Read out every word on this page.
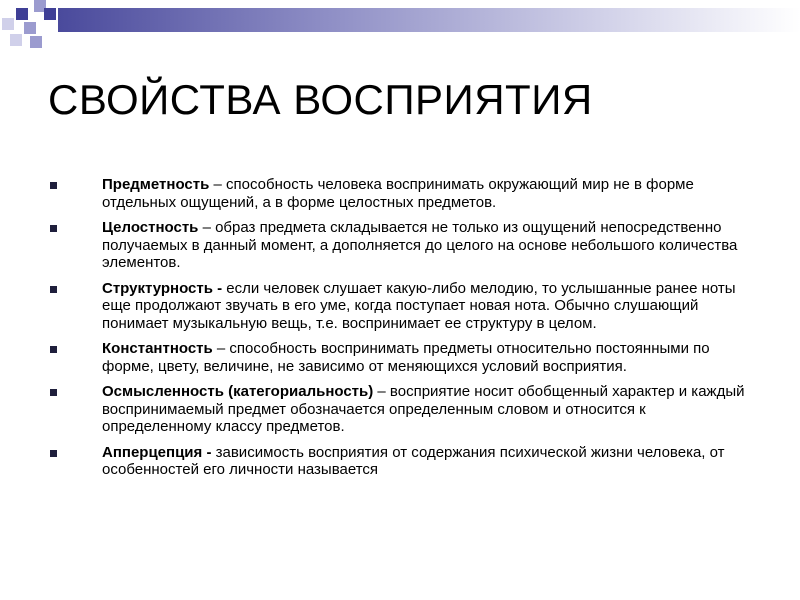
СВОЙСТВА ВОСПРИЯТИЯ
Предметность – способность человека воспринимать окружающий мир не в форме отдельных ощущений, а в форме целостных предметов.
Целостность – образ предмета складывается не только из ощущений непосредственно получаемых в данный момент, а дополняется до целого на основе небольшого количества элементов.
Структурность - если человек слушает какую-либо мелодию, то услышанные ранее ноты еще продолжают звучать в его уме, когда поступает новая нота. Обычно слушающий понимает музыкальную вещь, т.е. воспринимает ее структуру в целом.
Константность – способность воспринимать предметы относительно постоянными по форме, цвету, величине, не зависимо от меняющихся условий восприятия.
Осмысленность (категориальность) – восприятие носит обобщенный характер и каждый воспринимаемый предмет обозначается определенным словом и относится к определенному классу предметов.
Апперцепция - зависимость восприятия от содержания психической жизни человека, от особенностей его личности называется
